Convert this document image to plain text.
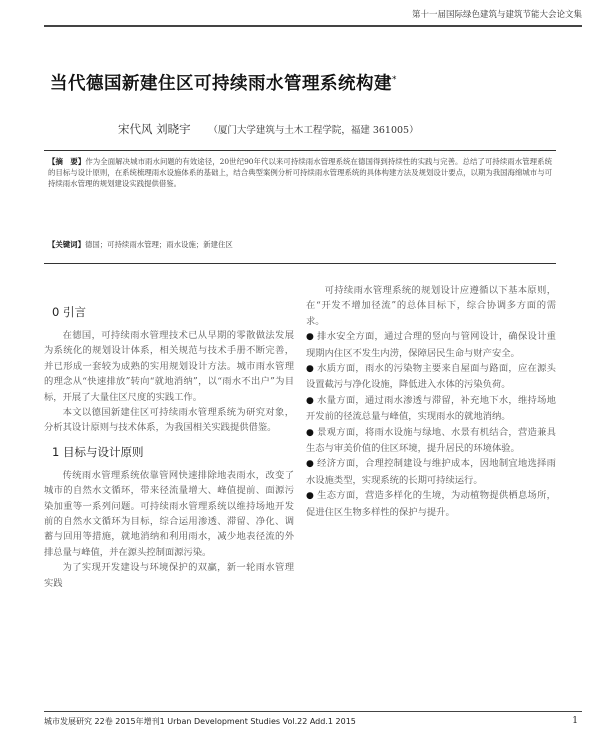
第十一届国际绿色建筑与建筑节能大会论文集
当代德国新建住区可持续雨水管理系统构建*
宋代风 刘晓宇 （厦门大学建筑与土木工程学院，福建 361005）
【摘　要】作为全面解决城市雨水问题的有效途径，20世纪90年代以来可持续雨水管理系统在德国得到持续性的实践与完善。总结了可持续雨水管理系统的目标与设计原则，在系统梳理雨水设施体系的基础上，结合典型案例分析可持续雨水管理系统的具体构建方法及规划设计要点，以期为我国海绵城市与可持续雨水管理的规划建设实践提供借鉴。
【关键词】德国；可持续雨水管理；雨水设施；新建住区
0 引言

在德国，可持续雨水管理技术已从早期的零散做法发展为系统化的规划设计体系，相关规范与技术手册不断完善，并已形成一套较为成熟的实用规划设计方法。城市雨水管理的理念从“快速排放”转向“就地消纳”，以“雨水不出户”为目标，开展了大量住区尺度的实践工作。

本文以德国新建住区可持续雨水管理系统为研究对象，分析其设计原则与技术体系，为我国相关实践提供借鉴。

1 目标与设计原则

传统雨水管理系统依靠管网快速排除地表雨水，改变了城市的自然水文循环，带来径流量增大、峰值提前、面源污染加重等一系列问题。可持续雨水管理系统以维持场地开发前的自然水文循环为目标，综合运用渗透、滞留、净化、调蓄与回用等措施，就地消纳和利用雨水，减少地表径流的外排总量与峰值，并在源头控制面源污染。

为了实现开发建设与环境保护的双赢，新一轮雨水管理实践

可持续雨水管理系统的规划设计应遵循以下基本原则，在“开发不增加径流”的总体目标下，综合协调多方面的需求。

● 排水安全方面，通过合理的竖向与管网设计，确保设计重现期内住区不发生内涝，保障居民生命与财产安全。

● 水质方面，雨水的污染物主要来自屋面与路面，应在源头设置截污与净化设施，降低进入水体的污染负荷。

● 水量方面，通过雨水渗透与滞留，补充地下水，维持场地开发前的径流总量与峰值，实现雨水的就地消纳。

● 景观方面，将雨水设施与绿地、水景有机结合，营造兼具生态与审美价值的住区环境，提升居民的环境体验。

● 经济方面，合理控制建设与维护成本，因地制宜地选择雨水设施类型，实现系统的长期可持续运行。

● 生态方面，营造多样化的生境，为动植物提供栖息场所，促进住区生物多样性的保护与提升。

城市发展研究 22卷 2015年增刊1 Urban Development Studies Vol.22 Add.1 2015	1
